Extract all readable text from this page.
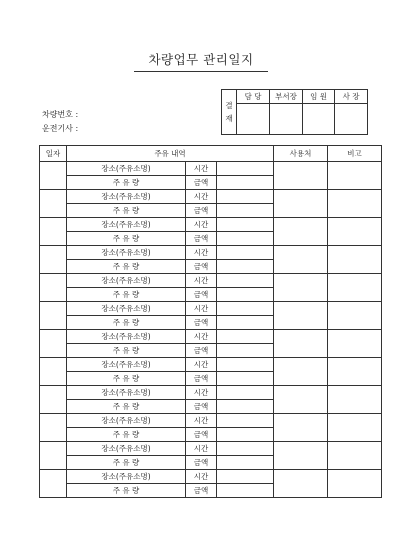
차량업무 관리일지
차량번호 :
운전기사 :
결
재	담 당	부서장	임 원	사 장

일자	주유 내역			사용처	비고
	장소(주유소명)	시간			
	주 유 량	금액			
	장소(주유소명)	시간			
	주 유 량	금액			
	장소(주유소명)	시간			
	주 유 량	금액			
	장소(주유소명)	시간			
	주 유 량	금액			
	장소(주유소명)	시간			
	주 유 량	금액			
	장소(주유소명)	시간			
	주 유 량	금액			
	장소(주유소명)	시간			
	주 유 량	금액			
	장소(주유소명)	시간			
	주 유 량	금액			
	장소(주유소명)	시간			
	주 유 량	금액			
	장소(주유소명)	시간			
	주 유 량	금액			
	장소(주유소명)	시간			
	주 유 량	금액			
	장소(주유소명)	시간			
	주 유 량	금액			
